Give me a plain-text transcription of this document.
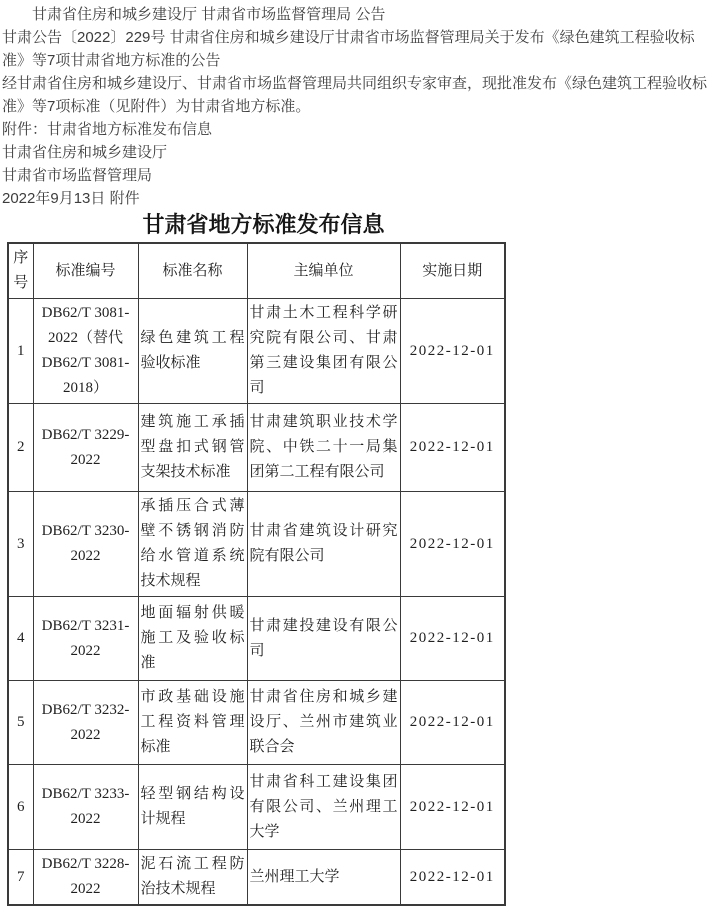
甘肃省住房和城乡建设厅 甘肃省市场监督管理局 公告

甘肃公告〔2022〕229号 甘肃省住房和城乡建设厅甘肃省市场监督管理局关于发布《绿色建筑工程验收标准》等7项甘肃省地方标准的公告

经甘肃省住房和城乡建设厅、甘肃省市场监督管理局共同组织专家审查，现批准发布《绿色建筑工程验收标准》等7项标准（见附件）为甘肃省地方标准。

附件：甘肃省地方标准发布信息

甘肃省住房和城乡建设厅

甘肃省市场监督管理局

2022年9月13日 附件

甘肃省地方标准发布信息
序号	标准编号	标准名称	主编单位	实施日期
1	DB62/T 3081-2022（替代 DB62/T 3081-2018）	绿色建筑工程验收标准	甘肃土木工程科学研究院有限公司、甘肃第三建设集团有限公司	2022-12-01
2	DB62/T 3229-2022	建筑施工承插型盘扣式钢管支架技术标准	甘肃建筑职业技术学院、中铁二十一局集团第二工程有限公司	2022-12-01
3	DB62/T 3230-2022	承插压合式薄壁不锈钢消防给水管道系统技术规程	甘肃省建筑设计研究院有限公司	2022-12-01
4	DB62/T 3231-2022	地面辐射供暖施工及验收标准	甘肃建投建设有限公司	2022-12-01
5	DB62/T 3232-2022	市政基础设施工程资料管理标准	甘肃省住房和城乡建设厅、兰州市建筑业联合会	2022-12-01
6	DB62/T 3233-2022	轻型钢结构设计规程	甘肃省科工建设集团有限公司、兰州理工大学	2022-12-01
7	DB62/T 3228-2022	泥石流工程防治技术规程	兰州理工大学	2022-12-01
